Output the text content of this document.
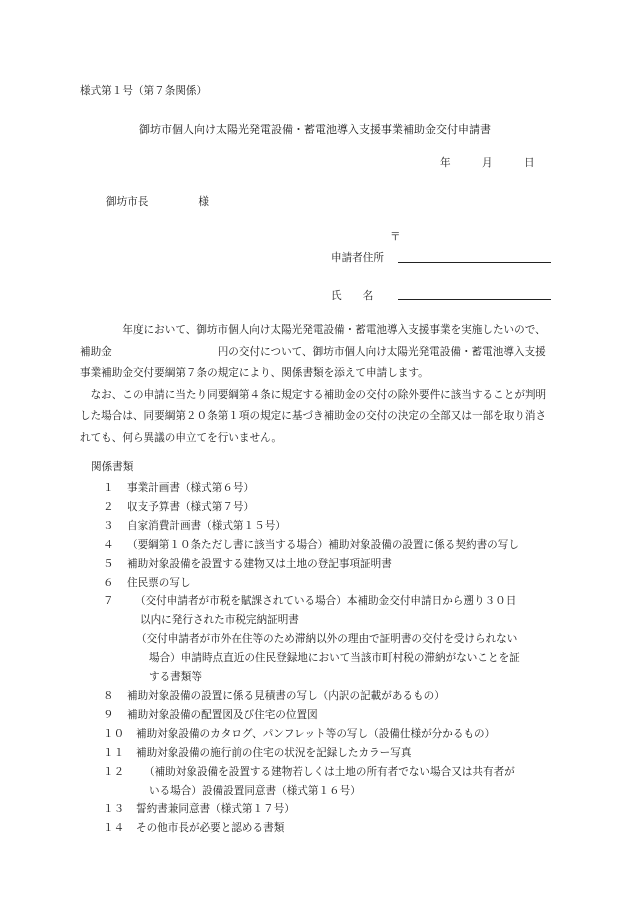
様式第１号（第７条関係）
御坊市個人向け太陽光発電設備・蓄電池導入支援事業補助金交付申請書
年	月	日
御坊市長	様
〒
申請者住所
氏　　名

　　　　年度において、御坊市個人向け太陽光発電設備・蓄電池導入支援事業を実施したいので、補助金　　　　　　　　　　円の交付について、御坊市個人向け太陽光発電設備・蓄電池導入支援事業補助金交付要綱第７条の規定により、関係書類を添えて申請します。

　なお、この申請に当たり同要綱第４条に規定する補助金の交付の除外要件に該当することが判明した場合は、同要綱第２０条第１項の規定に基づき補助金の交付の決定の全部又は一部を取り消されても、何ら異議の申立てを行いません。

関係書類
１ 事業計画書（様式第６号）
２ 収支予算書（様式第７号）
３ 自家消費計画書（様式第１５号）
４ （要綱第１０条ただし書に該当する場合）補助対象設備の設置に係る契約書の写し
５ 補助対象設備を設置する建物又は土地の登記事項証明書
６ 住民票の写し
７ （交付申請者が市税を賦課されている場合）本補助金交付申請日から遡り３０日
以内に発行された市税完納証明書
（交付申請者が市外在住等のため滞納以外の理由で証明書の交付を受けられない
場合）申請時点直近の住民登録地において当該市町村税の滞納がないことを証
する書類等
８ 補助対象設備の設置に係る見積書の写し（内訳の記載があるもの）
９ 補助対象設備の配置図及び住宅の位置図
１０ 補助対象設備のカタログ、パンフレット等の写し（設備仕様が分かるもの）
１１ 補助対象設備の施行前の住宅の状況を記録したカラー写真
１２ （補助対象設備を設置する建物若しくは土地の所有者でない場合又は共有者が
いる場合）設備設置同意書（様式第１６号）
１３ 誓約書兼同意書（様式第１７号）
１４ その他市長が必要と認める書類
